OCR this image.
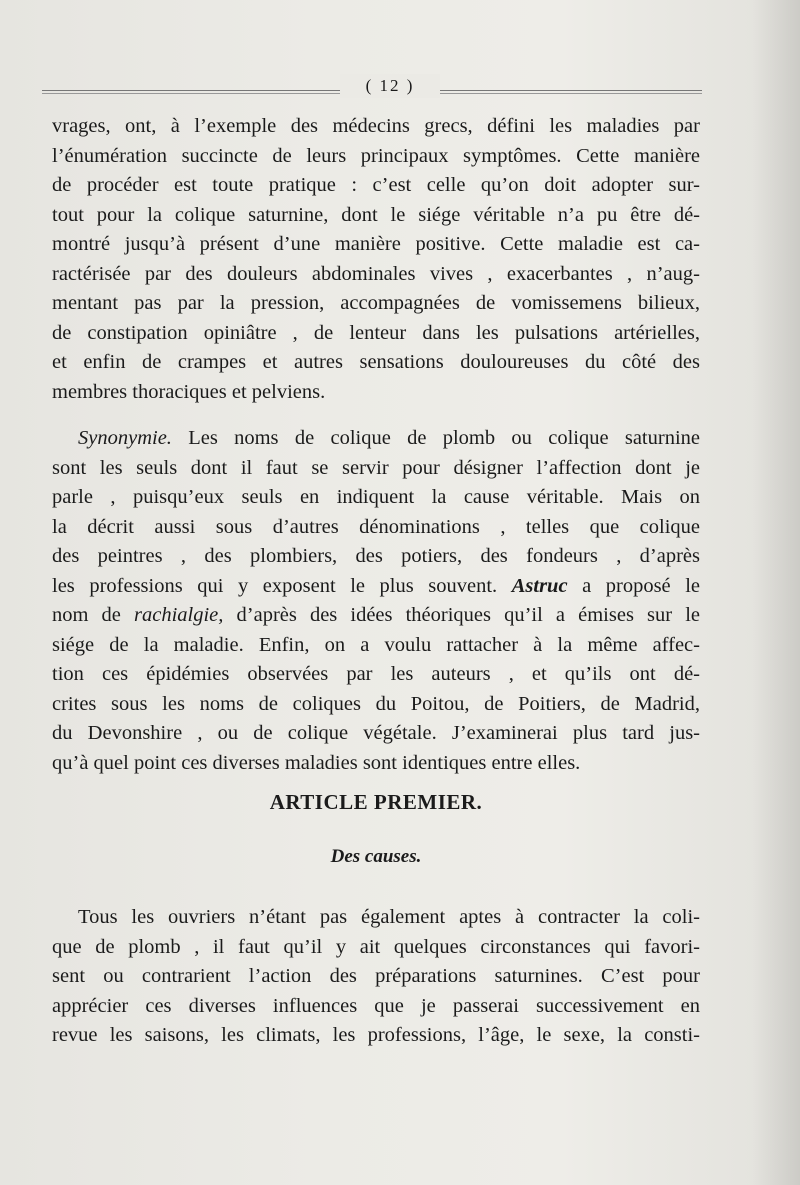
( 12 )
vrages, ont, à l’exemple des médecins grecs, défini les maladies par
l’énumération succincte de leurs principaux symptômes. Cette manière
de procéder est toute pratique : c’est celle qu’on doit adopter sur-
tout pour la colique saturnine, dont le siége véritable n’a pu être dé-
montré jusqu’à présent d’une manière positive. Cette maladie est ca-
ractérisée par des douleurs abdominales vives , exacerbantes , n’aug-
mentant pas par la pression, accompagnées de vomissemens bilieux,
de constipation opiniâtre , de lenteur dans les pulsations artérielles,
et enfin de crampes et autres sensations douloureuses du côté des
membres thoraciques et pelviens.
Synonymie. Les noms de colique de plomb ou colique saturnine
sont les seuls dont il faut se servir pour désigner l’affection dont je
parle , puisqu’eux seuls en indiquent la cause véritable. Mais on
la décrit aussi sous d’autres dénominations , telles que colique
des peintres , des plombiers, des potiers, des fondeurs , d’après
les professions qui y exposent le plus souvent. Astruc a proposé le
nom de rachialgie, d’après des idées théoriques qu’il a émises sur le
siége de la maladie. Enfin, on a voulu rattacher à la même affec-
tion ces épidémies observées par les auteurs , et qu’ils ont dé-
crites sous les noms de coliques du Poitou, de Poitiers, de Madrid,
du Devonshire , ou de colique végétale. J’examinerai plus tard jus-
qu’à quel point ces diverses maladies sont identiques entre elles.
ARTICLE PREMIER.
Des causes.
Tous les ouvriers n’étant pas également aptes à contracter la coli-
que de plomb , il faut qu’il y ait quelques circonstances qui favori-
sent ou contrarient l’action des préparations saturnines. C’est pour
apprécier ces diverses influences que je passerai successivement en
revue les saisons, les climats, les professions, l’âge, le sexe, la consti-
